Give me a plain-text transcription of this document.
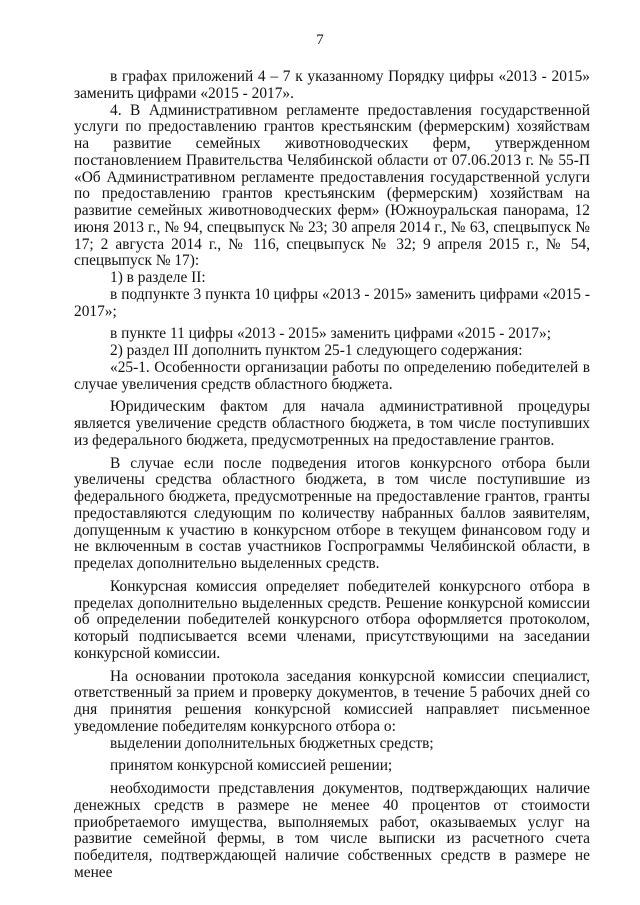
7

в графах приложений 4 – 7 к указанному Порядку цифры «2013 - 2015» заменить цифрами «2015 - 2017».

4. В Административном регламенте предоставления государственной услуги по предоставлению грантов крестьянским (фермерским) хозяйствам на развитие семейных животноводческих ферм, утвержденном постановлением Правительства Челябинской области от 07.06.2013 г. № 55-П «Об Административном регламенте предоставления государственной услуги по предоставлению грантов крестьянским (фермерским) хозяйствам на развитие семейных животноводческих ферм» (Южноуральская панорама, 12 июня 2013 г., № 94, спецвыпуск № 23; 30 апреля 2014 г., № 63, спецвыпуск № 17; 2 августа 2014 г., № 116, спецвыпуск № 32; 9 апреля 2015 г., № 54, спецвыпуск № 17):

1) в разделе II:

в подпункте 3 пункта 10 цифры «2013 - 2015» заменить цифрами «2015 - 2017»;

в пункте 11 цифры «2013 - 2015» заменить цифрами «2015 - 2017»;

2) раздел III дополнить пунктом 25-1 следующего содержания:

«25-1. Особенности организации работы по определению победителей в случае увеличения средств областного бюджета.

Юридическим фактом для начала административной процедуры является увеличение средств областного бюджета, в том числе поступивших из федерального бюджета, предусмотренных на предоставление грантов.

В случае если после подведения итогов конкурсного отбора были увеличены средства областного бюджета, в том числе поступившие из федерального бюджета, предусмотренные на предоставление грантов, гранты предоставляются следующим по количеству набранных баллов заявителям, допущенным к участию в конкурсном отборе в текущем финансовом году и не включенным в состав участников Госпрограммы Челябинской области, в пределах дополнительно выделенных средств.

Конкурсная комиссия определяет победителей конкурсного отбора в пределах дополнительно выделенных средств. Решение конкурсной комиссии об определении победителей конкурсного отбора оформляется протоколом, который подписывается всеми членами, присутствующими на заседании конкурсной комиссии.

На основании протокола заседания конкурсной комиссии специалист, ответственный за прием и проверку документов, в течение 5 рабочих дней со дня принятия решения конкурсной комиссией направляет письменное уведомление победителям конкурсного отбора о:

выделении дополнительных бюджетных средств;

принятом конкурсной комиссией решении;

необходимости представления документов, подтверждающих наличие денежных средств в размере не менее 40 процентов от стоимости приобретаемого имущества, выполняемых работ, оказываемых услуг на развитие семейной фермы, в том числе выписки из расчетного счета победителя, подтверждающей наличие собственных средств в размере не менее
